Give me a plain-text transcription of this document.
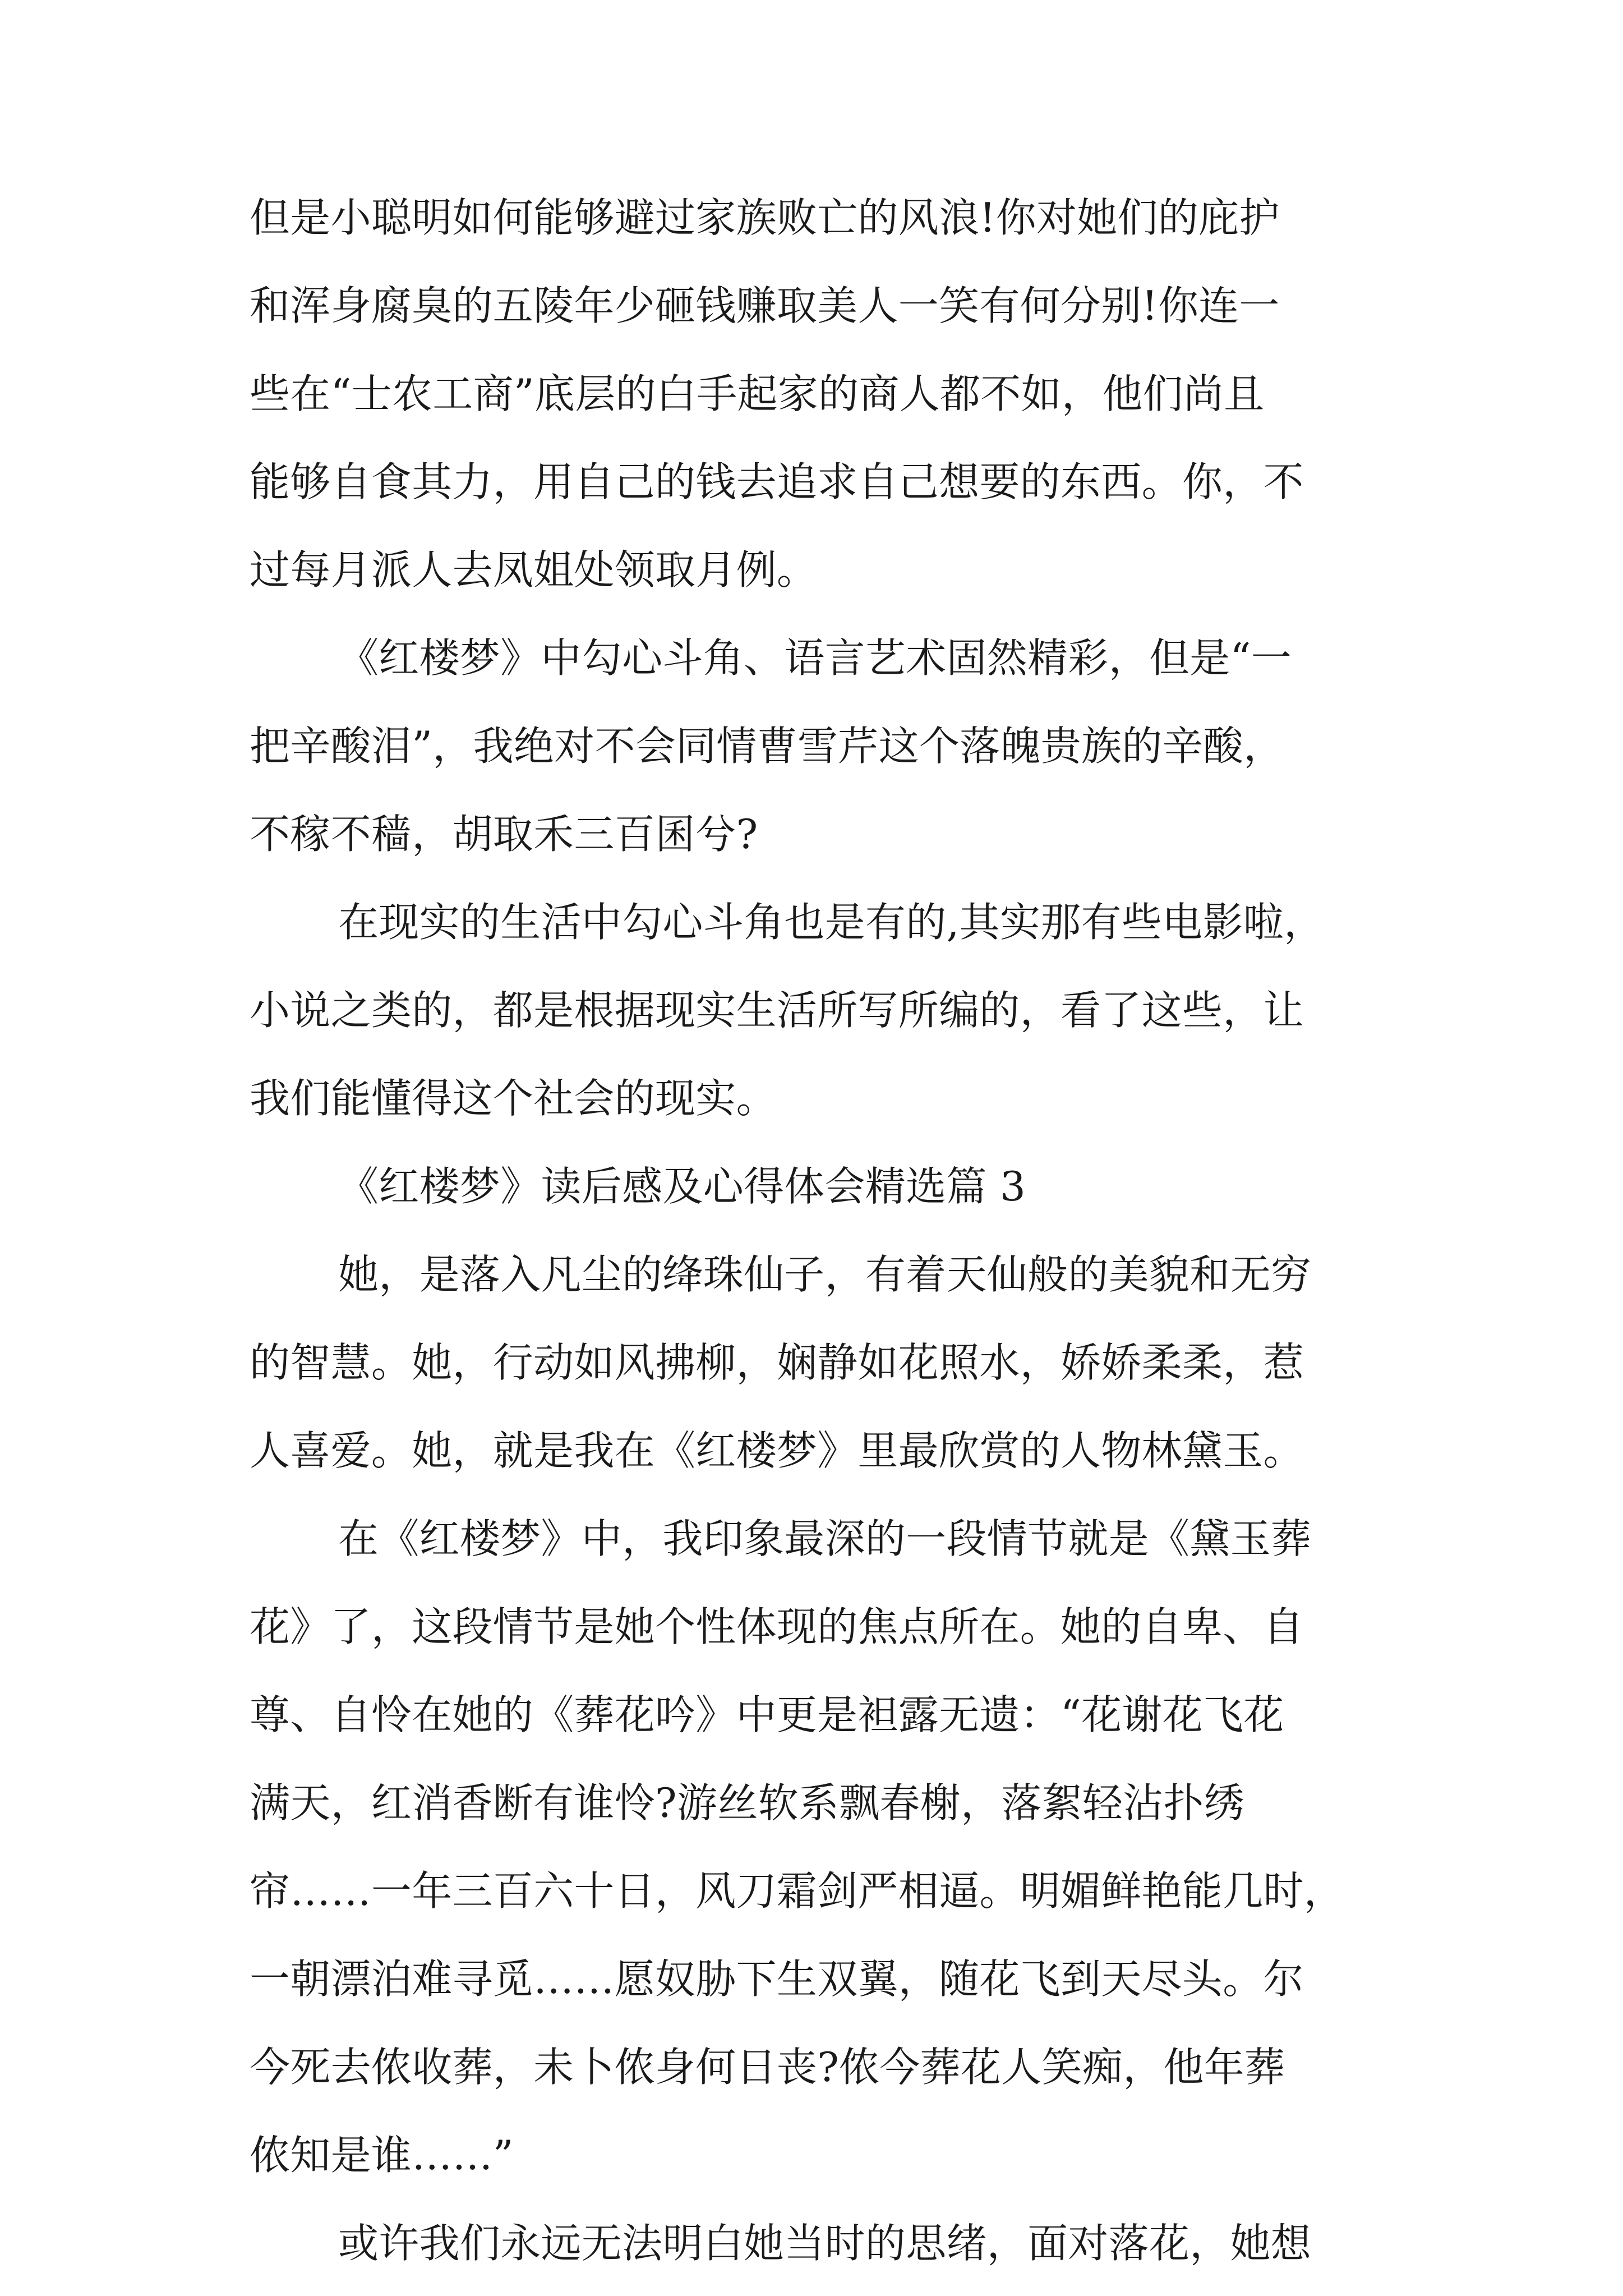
但是小聪明如何能够避过家族败亡的风浪!你对她们的庇护
和浑身腐臭的五陵年少砸钱赚取美人一笑有何分别!你连一
些在“士农工商”底层的白手起家的商人都不如，他们尚且
能够自食其力，用自己的钱去追求自己想要的东西。你，不
过每月派人去凤姐处领取月例。
《红楼梦》中勾心斗角、语言艺术固然精彩，但是“一
把辛酸泪”，我绝对不会同情曹雪芹这个落魄贵族的辛酸，
不稼不穑，胡取禾三百囷兮?
在现实的生活中勾心斗角也是有的,其实那有些电影啦，
小说之类的，都是根据现实生活所写所编的，看了这些，让
我们能懂得这个社会的现实。
《红楼梦》读后感及心得体会精选篇 3
她，是落入凡尘的绛珠仙子，有着天仙般的美貌和无穷
的智慧。她，行动如风拂柳，娴静如花照水，娇娇柔柔，惹
人喜爱。她，就是我在《红楼梦》里最欣赏的人物林黛玉。
在《红楼梦》中，我印象最深的一段情节就是《黛玉葬
花》了，这段情节是她个性体现的焦点所在。她的自卑、自
尊、自怜在她的《葬花吟》中更是袒露无遗：“花谢花飞花
满天，红消香断有谁怜?游丝软系飘春榭，落絮轻沾扑绣
帘……一年三百六十日，风刀霜剑严相逼。明媚鲜艳能几时，
一朝漂泊难寻觅……愿奴胁下生双翼，随花飞到天尽头。尔
今死去侬收葬，未卜侬身何日丧?侬今葬花人笑痴，他年葬
侬知是谁……”
或许我们永远无法明白她当时的思绪，面对落花，她想
